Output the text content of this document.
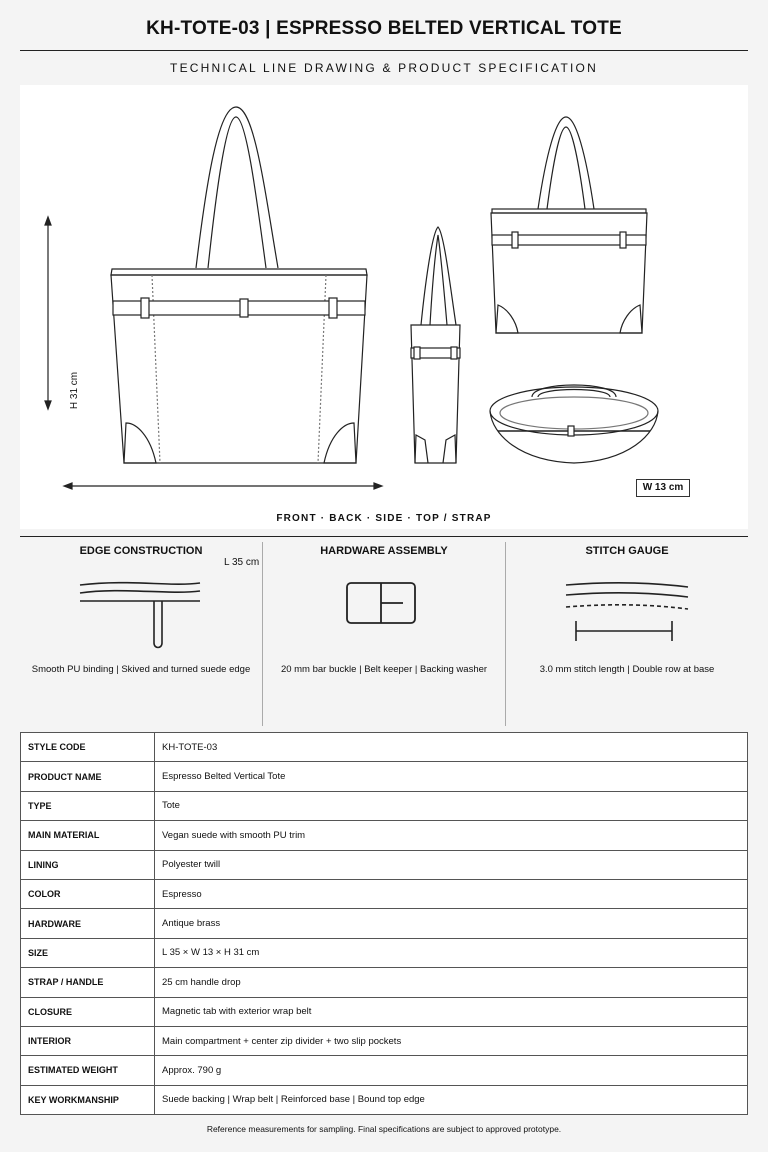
KH-TOTE-03 | ESPRESSO BELTED VERTICAL TOTE
TECHNICAL LINE DRAWING & PRODUCT SPECIFICATION
H 31 cm
L 35 cm
W 13 cm
FRONT · BACK · SIDE · TOP / STRAP
EDGE CONSTRUCTION
Smooth PU binding | Skived and turned suede edge
HARDWARE ASSEMBLY
20 mm bar buckle | Belt keeper | Backing washer
STITCH GAUGE
3.0 mm stitch length | Double row at base
STYLE CODE	KH-TOTE-03
PRODUCT NAME	Espresso Belted Vertical Tote
TYPE	Tote
MAIN MATERIAL	Vegan suede with smooth PU trim
LINING	Polyester twill
COLOR	Espresso
HARDWARE	Antique brass
SIZE	L 35 × W 13 × H 31 cm
STRAP / HANDLE	25 cm handle drop
CLOSURE	Magnetic tab with exterior wrap belt
INTERIOR	Main compartment + center zip divider + two slip pockets
ESTIMATED WEIGHT	Approx. 790 g
KEY WORKMANSHIP	Suede backing | Wrap belt | Reinforced base | Bound top edge
Reference measurements for sampling. Final specifications are subject to approved prototype.
